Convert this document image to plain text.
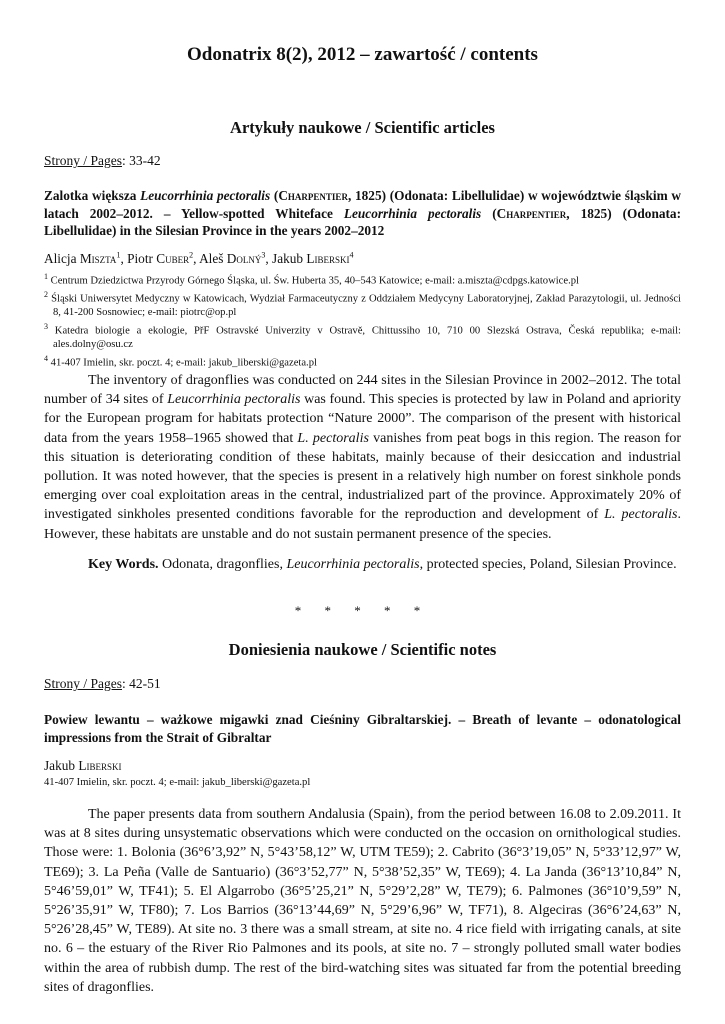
Odonatrix 8(2), 2012 – zawartość / contents
Artykuły naukowe / Scientific articles
Strony / Pages: 33-42

Zalotka większa Leucorrhinia pectoralis (Charpentier, 1825) (Odonata: Libellulidae) w województwie śląskim w latach 2002–2012. – Yellow-spotted Whiteface Leucorrhinia pectoralis (Charpentier, 1825) (Odonata: Libellulidae) in the Silesian Province in the years 2002–2012

Alicja Miszta$^1$, Piotr Cuber$^2$, Aleš Dolný$^3$, Jakub Liberski$^4$
$^1$ Centrum Dziedzictwa Przyrody Górnego Śląska, ul. Św. Huberta 35, 40–543 Katowice; e-mail: a.miszta@cdpgs.katowice.pl
$^2$ Śląski Uniwersytet Medyczny w Katowicach, Wydział Farmaceutyczny z Oddziałem Medycyny Laboratoryjnej, Zakład Parazytologii, ul. Jedności 8, 41-200 Sosnowiec; e-mail: piotrc@op.pl
$^3$ Katedra biologie a ekologie, PřF Ostravské Univerzity v Ostravě, Chittussiho 10, 710 00 Slezská Ostrava, Česká republika; e-mail: ales.dolny@osu.cz
$^4$ 41-407 Imielin, skr. poczt. 4; e-mail: jakub_liberski@gazeta.pl

The inventory of dragonflies was conducted on 244 sites in the Silesian Province in 2002–2012. The total number of 34 sites of Leucorrhinia pectoralis was found. This species is protected by law in Poland and apriority for the European program for habitats protection “Nature 2000”. The comparison of the present with historical data from the years 1958–1965 showed that L. pectoralis vanishes from peat bogs in this region. The reason for this situation is deteriorating condition of these habitats, mainly because of their desiccation and industrial pollution. It was noted however, that the species is present in a relatively high number on forest sinkhole ponds emerging over coal exploitation areas in the central, industrialized part of the province. Approximately 20% of investigated sinkholes presented conditions favorable for the reproduction and development of L. pectoralis. However, these habitats are unstable and do not sustain permanent presence of the species.

Key Words. Odonata, dragonflies, Leucorrhinia pectoralis, protected species, Poland, Silesian Province.

* * * * *
Doniesienia naukowe / Scientific notes
Strony / Pages: 42-51

Powiew lewantu – ważkowe migawki znad Cieśniny Gibraltarskiej. – Breath of levante – odonatological impressions from the Strait of Gibraltar

Jakub Liberski
41-407 Imielin, skr. poczt. 4; e-mail: jakub_liberski@gazeta.pl

The paper presents data from southern Andalusia (Spain), from the period between 16.08 to 2.09.2011. It was at 8 sites during unsystematic observations which were conducted on the occasion on ornithological studies. Those were: 1. Bolonia (36°6’3,92” N, 5°43’58,12” W, UTM TE59); 2. Cabrito (36°3’19,05” N, 5°33’12,97” W, TE69); 3. La Peña (Valle de Santuario) (36°3’52,77” N, 5°38’52,35” W, TE69); 4. La Janda (36°13’10,84” N, 5°46’59,01” W, TF41); 5. El Algarrobo (36°5’25,21” N, 5°29’2,28” W, TE79); 6. Palmones (36°10’9,59” N, 5°26’35,91” W, TF80); 7. Los Barrios (36°13’44,69” N, 5°29’6,96” W, TF71), 8. Algeciras (36°6’24,63” N, 5°26’28,45” W, TE89). At site no. 3 there was a small stream, at site no. 4 rice field with irrigating canals, at site no. 6 – the estuary of the River Rio Palmones and its pools, at site no. 7 – strongly polluted small water bodies within the area of rubbish dump. The rest of the bird-watching sites was situated far from the potential breeding sites of dragonflies.
